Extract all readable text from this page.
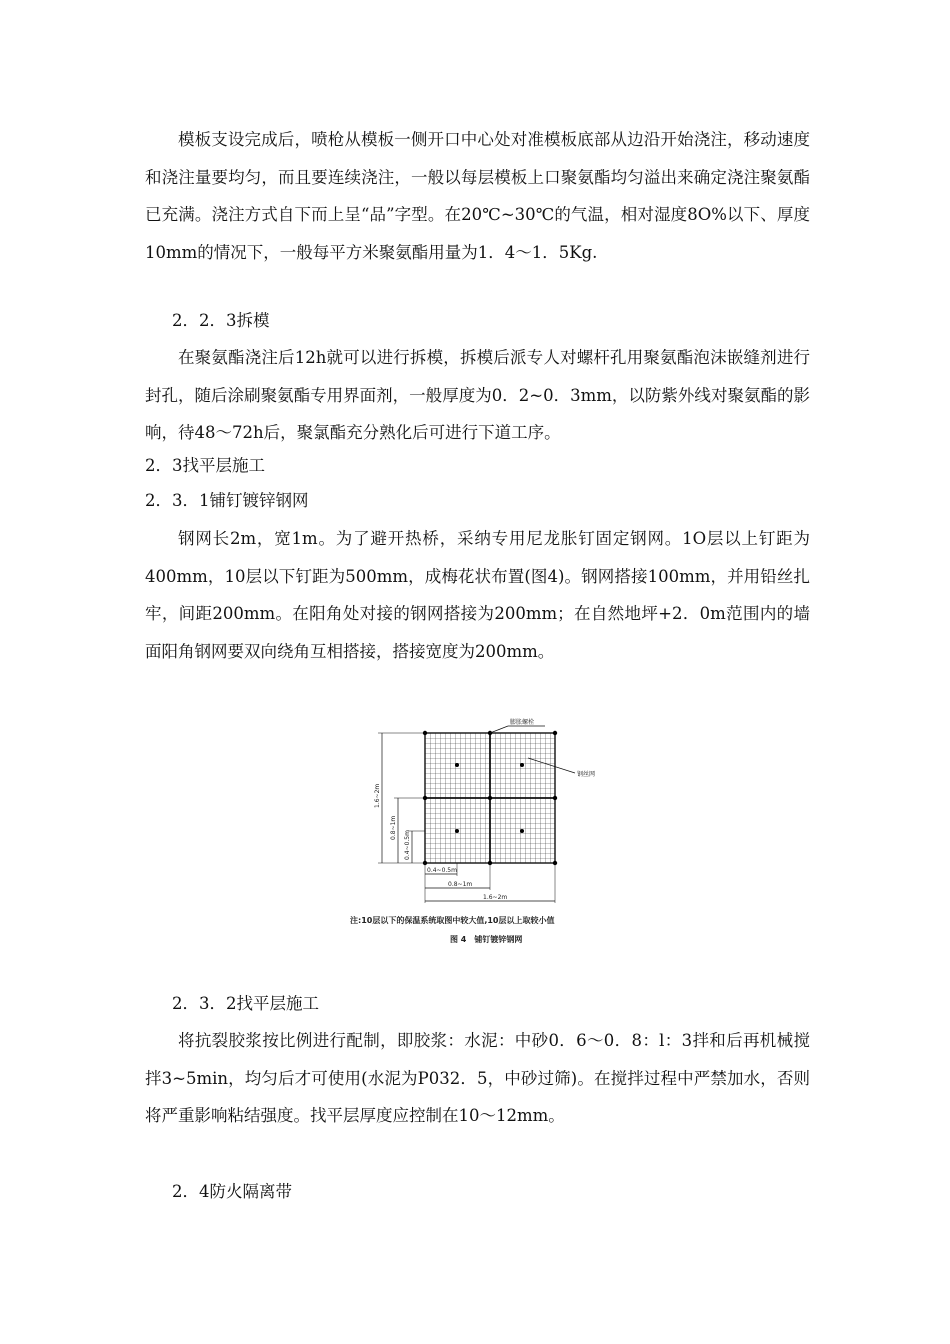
模板支设完成后，喷枪从模板一侧开口中心处对准模板底部从边沿开始浇注，移动速度和浇注量要均匀，而且要连续浇注，一般以每层模板上口聚氨酯均匀溢出来确定浇注聚氨酯已充满。浇注方式自下而上呈“品”字型。在20℃~30℃的气温，相对湿度8O%以下、厚度10mm的情况下，一般每平方米聚氨酯用量为1．4～1．5Kg.

2．2．3拆模

在聚氨酯浇注后12h就可以进行拆模，拆模后派专人对螺杆孔用聚氨酯泡沫嵌缝剂进行封孔，随后涂刷聚氨酯专用界面剂，一般厚度为0．2~0．3mm，以防紫外线对聚氨酯的影响，待48～72h后，聚氯酯充分熟化后可进行下道工序。

2．3找平层施工

2．3．1铺钉镀锌钢网

钢网长2m，宽1m。为了避开热桥，采纳专用尼龙胀钉固定钢网。1O层以上钉距为400mm，10层以下钉距为500mm，成梅花状布置(图4)。钢网搭接100mm，并用铅丝扎牢，间距200mm。在阳角处对接的钢网搭接为200mm；在自然地坪+2．0m范围内的墙面阳角钢网要双向绕角互相搭接，搭接宽度为200mm。

膨胀螺栓
钢丝网
1.6~2m
0.8~1m
0.4~0.5m
0.4~0.5m
0.8~1m
1.6~2m
注:10层以下的保温系统取图中较大值,10层以上取较小值
图 4　铺钉镀锌钢网

2．3．2找平层施工

将抗裂胶浆按比例进行配制，即胶浆：水泥：中砂0．6～0．8：l：3拌和后再机械搅拌3~5min，均匀后才可使用(水泥为P032．5，中砂过筛)。在搅拌过程中严禁加水，否则将严重影响粘结强度。找平层厚度应控制在10～12mm。

2．4防火隔离带
